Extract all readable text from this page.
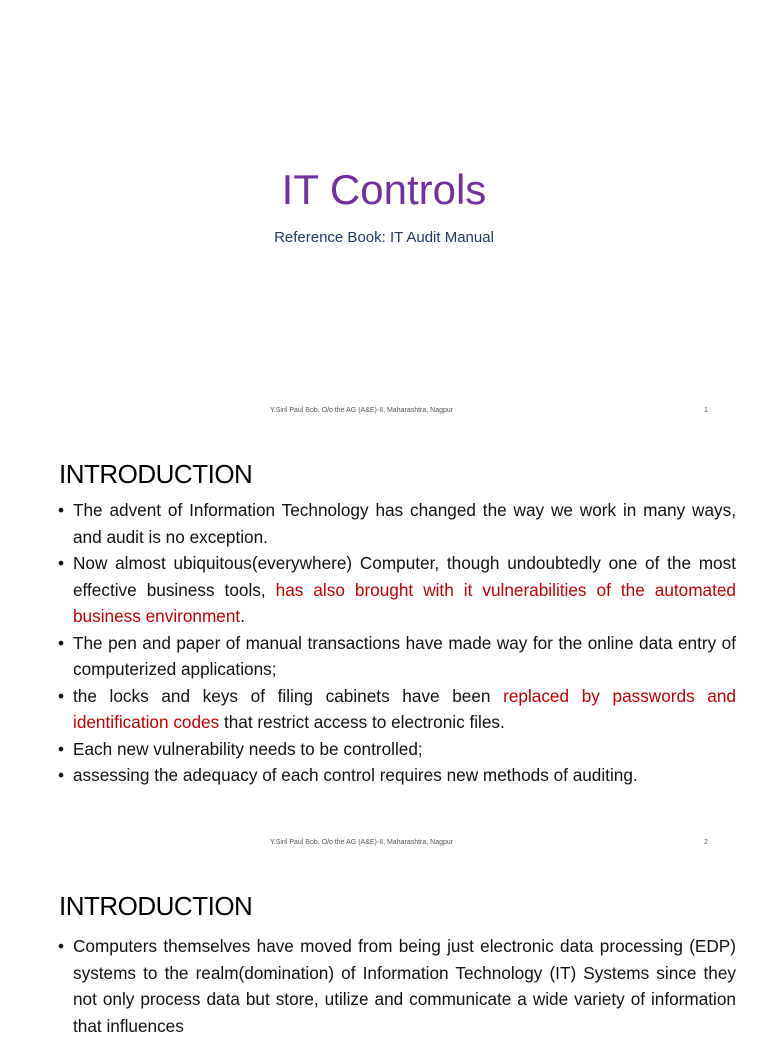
IT Controls

Reference Book: IT Audit Manual

Y.Siril Paul Bob, O/o the AG (A&E)-II, Maharashtra, Nagpur	1

INTRODUCTION
• The advent of Information Technology has changed the way we work in many ways, and audit is no exception.
• Now almost ubiquitous(everywhere) Computer, though undoubtedly one of the most effective business tools, has also brought with it vulnerabilities of the automated business environment.
• The pen and paper of manual transactions have made way for the online data entry of computerized applications;
• the locks and keys of filing cabinets have been replaced by passwords and identification codes that restrict access to electronic files.
• Each new vulnerability needs to be controlled;
• assessing the adequacy of each control requires new methods of auditing.

Y.Siril Paul Bob, O/o the AG (A&E)-II, Maharashtra, Nagpur	2

INTRODUCTION
• Computers themselves have moved from being just electronic data processing (EDP) systems to the realm(domination) of Information Technology (IT) Systems since they not only process data but store, utilize and communicate a wide variety of information that influences
